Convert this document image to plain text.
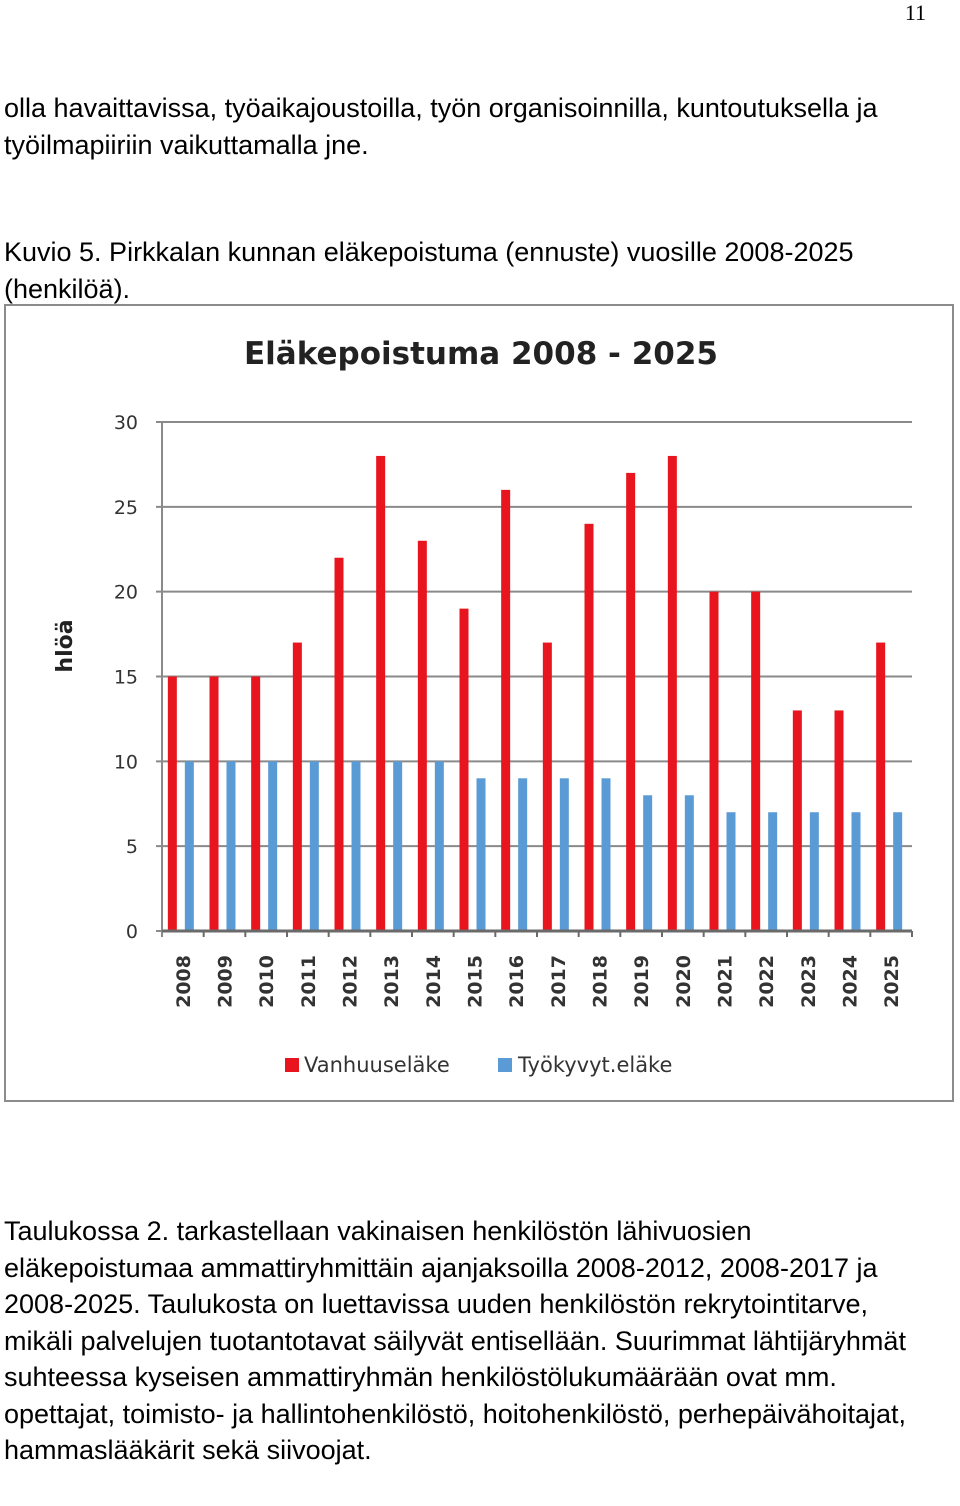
11
olla havaittavissa, työaikajoustoilla, työn organisoinnilla, kuntoutuksella ja työilmapiiriin vaikuttamalla jne.
Kuvio 5. Pirkkalan kunnan eläkepoistuma (ennuste) vuosille 2008-2025 (henkilöä).
Eläkepoistuma 2008 - 2025
hlöä
0
5
10
15
20
25
30
2008 2009 2010 2011 2012 2013 2014 2015 2016 2017 2018 2019 2020 2021 2022 2023 2024 2025
Vanhuuseläke	Työkyvyt.eläke
Taulukossa 2. tarkastellaan vakinaisen henkilöstön lähivuosien eläkepoistumaa ammattiryhmittäin ajanjaksoilla 2008-2012, 2008-2017 ja 2008-2025. Taulukosta on luettavissa uuden henkilöstön rekrytointitarve, mikäli palvelujen tuotantotavat säilyvät entisellään. Suurimmat lähtijäryhmät suhteessa kyseisen ammattiryhmän henkilöstölukumäärään ovat mm. opettajat, toimisto- ja hallintohenkilöstö, hoitohenkilöstö, perhepäivähoitajat, hammaslääkärit sekä siivoojat.
